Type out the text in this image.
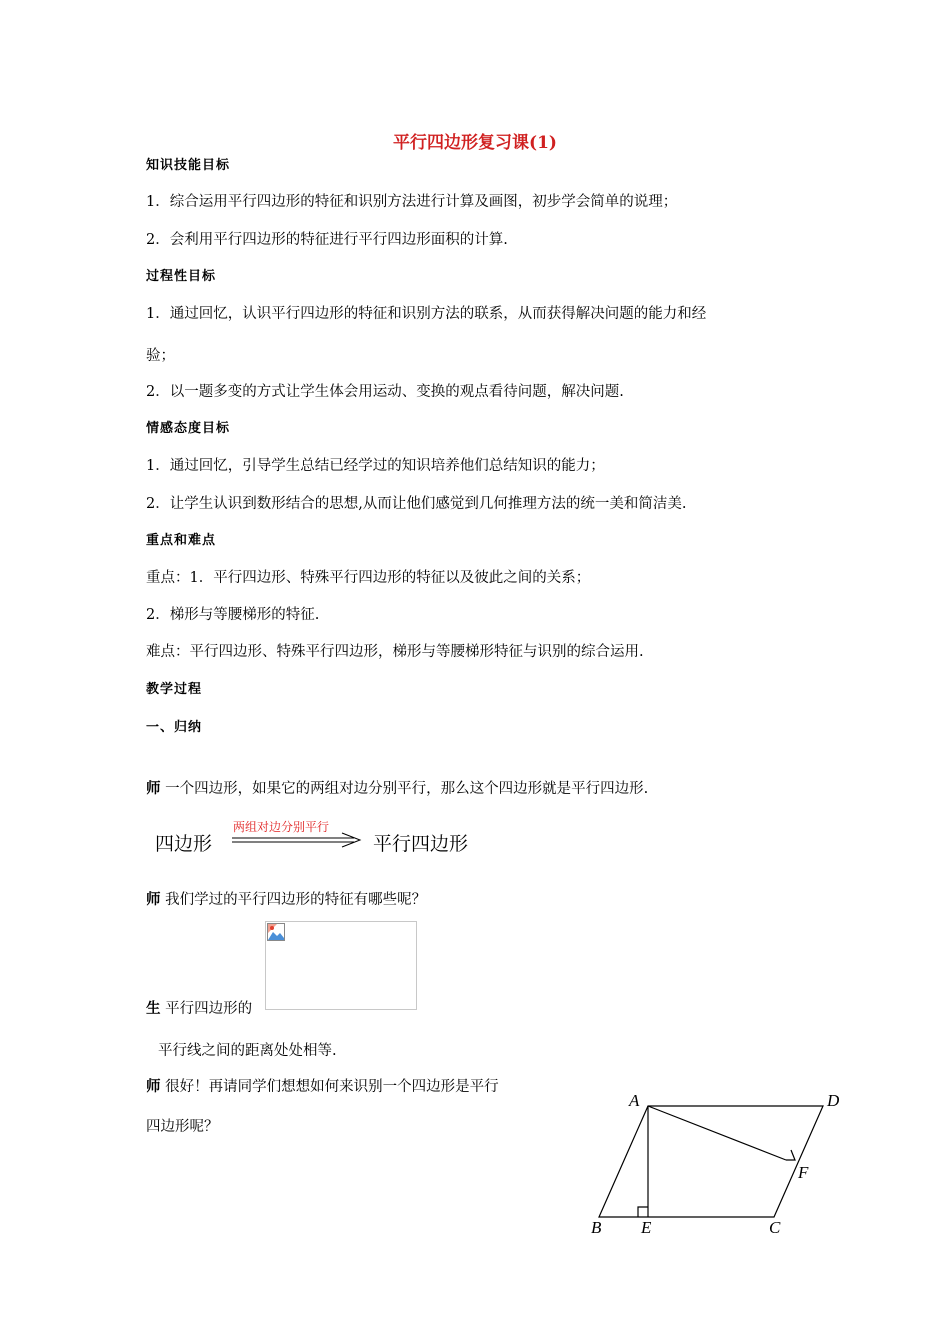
平行四边形复习课(1)
知识技能目标
1．综合运用平行四边形的特征和识别方法进行计算及画图，初步学会简单的说理；
2．会利用平行四边形的特征进行平行四边形面积的计算.
过程性目标
1．通过回忆，认识平行四边形的特征和识别方法的联系，从而获得解决问题的能力和经
验；
2．以一题多变的方式让学生体会用运动、变换的观点看待问题，解决问题.
情感态度目标
1．通过回忆，引导学生总结已经学过的知识培养他们总结知识的能力；
2．让学生认识到数形结合的思想,从而让他们感觉到几何推理方法的统一美和简洁美.
重点和难点
重点：1．平行四边形、特殊平行四边形的特征以及彼此之间的关系；
2．梯形与等腰梯形的特征.
难点：平行四边形、特殊平行四边形，梯形与等腰梯形特征与识别的综合运用.
教学过程
一、归纳
师 一个四边形，如果它的两组对边分别平行，那么这个四边形就是平行四边形.
四边形
两组对边分别平行
平行四边形
师 我们学过的平行四边形的特征有哪些呢？
生 平行四边形的
平行线之间的距离处处相等.
师 很好！再请同学们想想如何来识别一个四边形是平行
四边形呢？
A	D
F
B E	C
